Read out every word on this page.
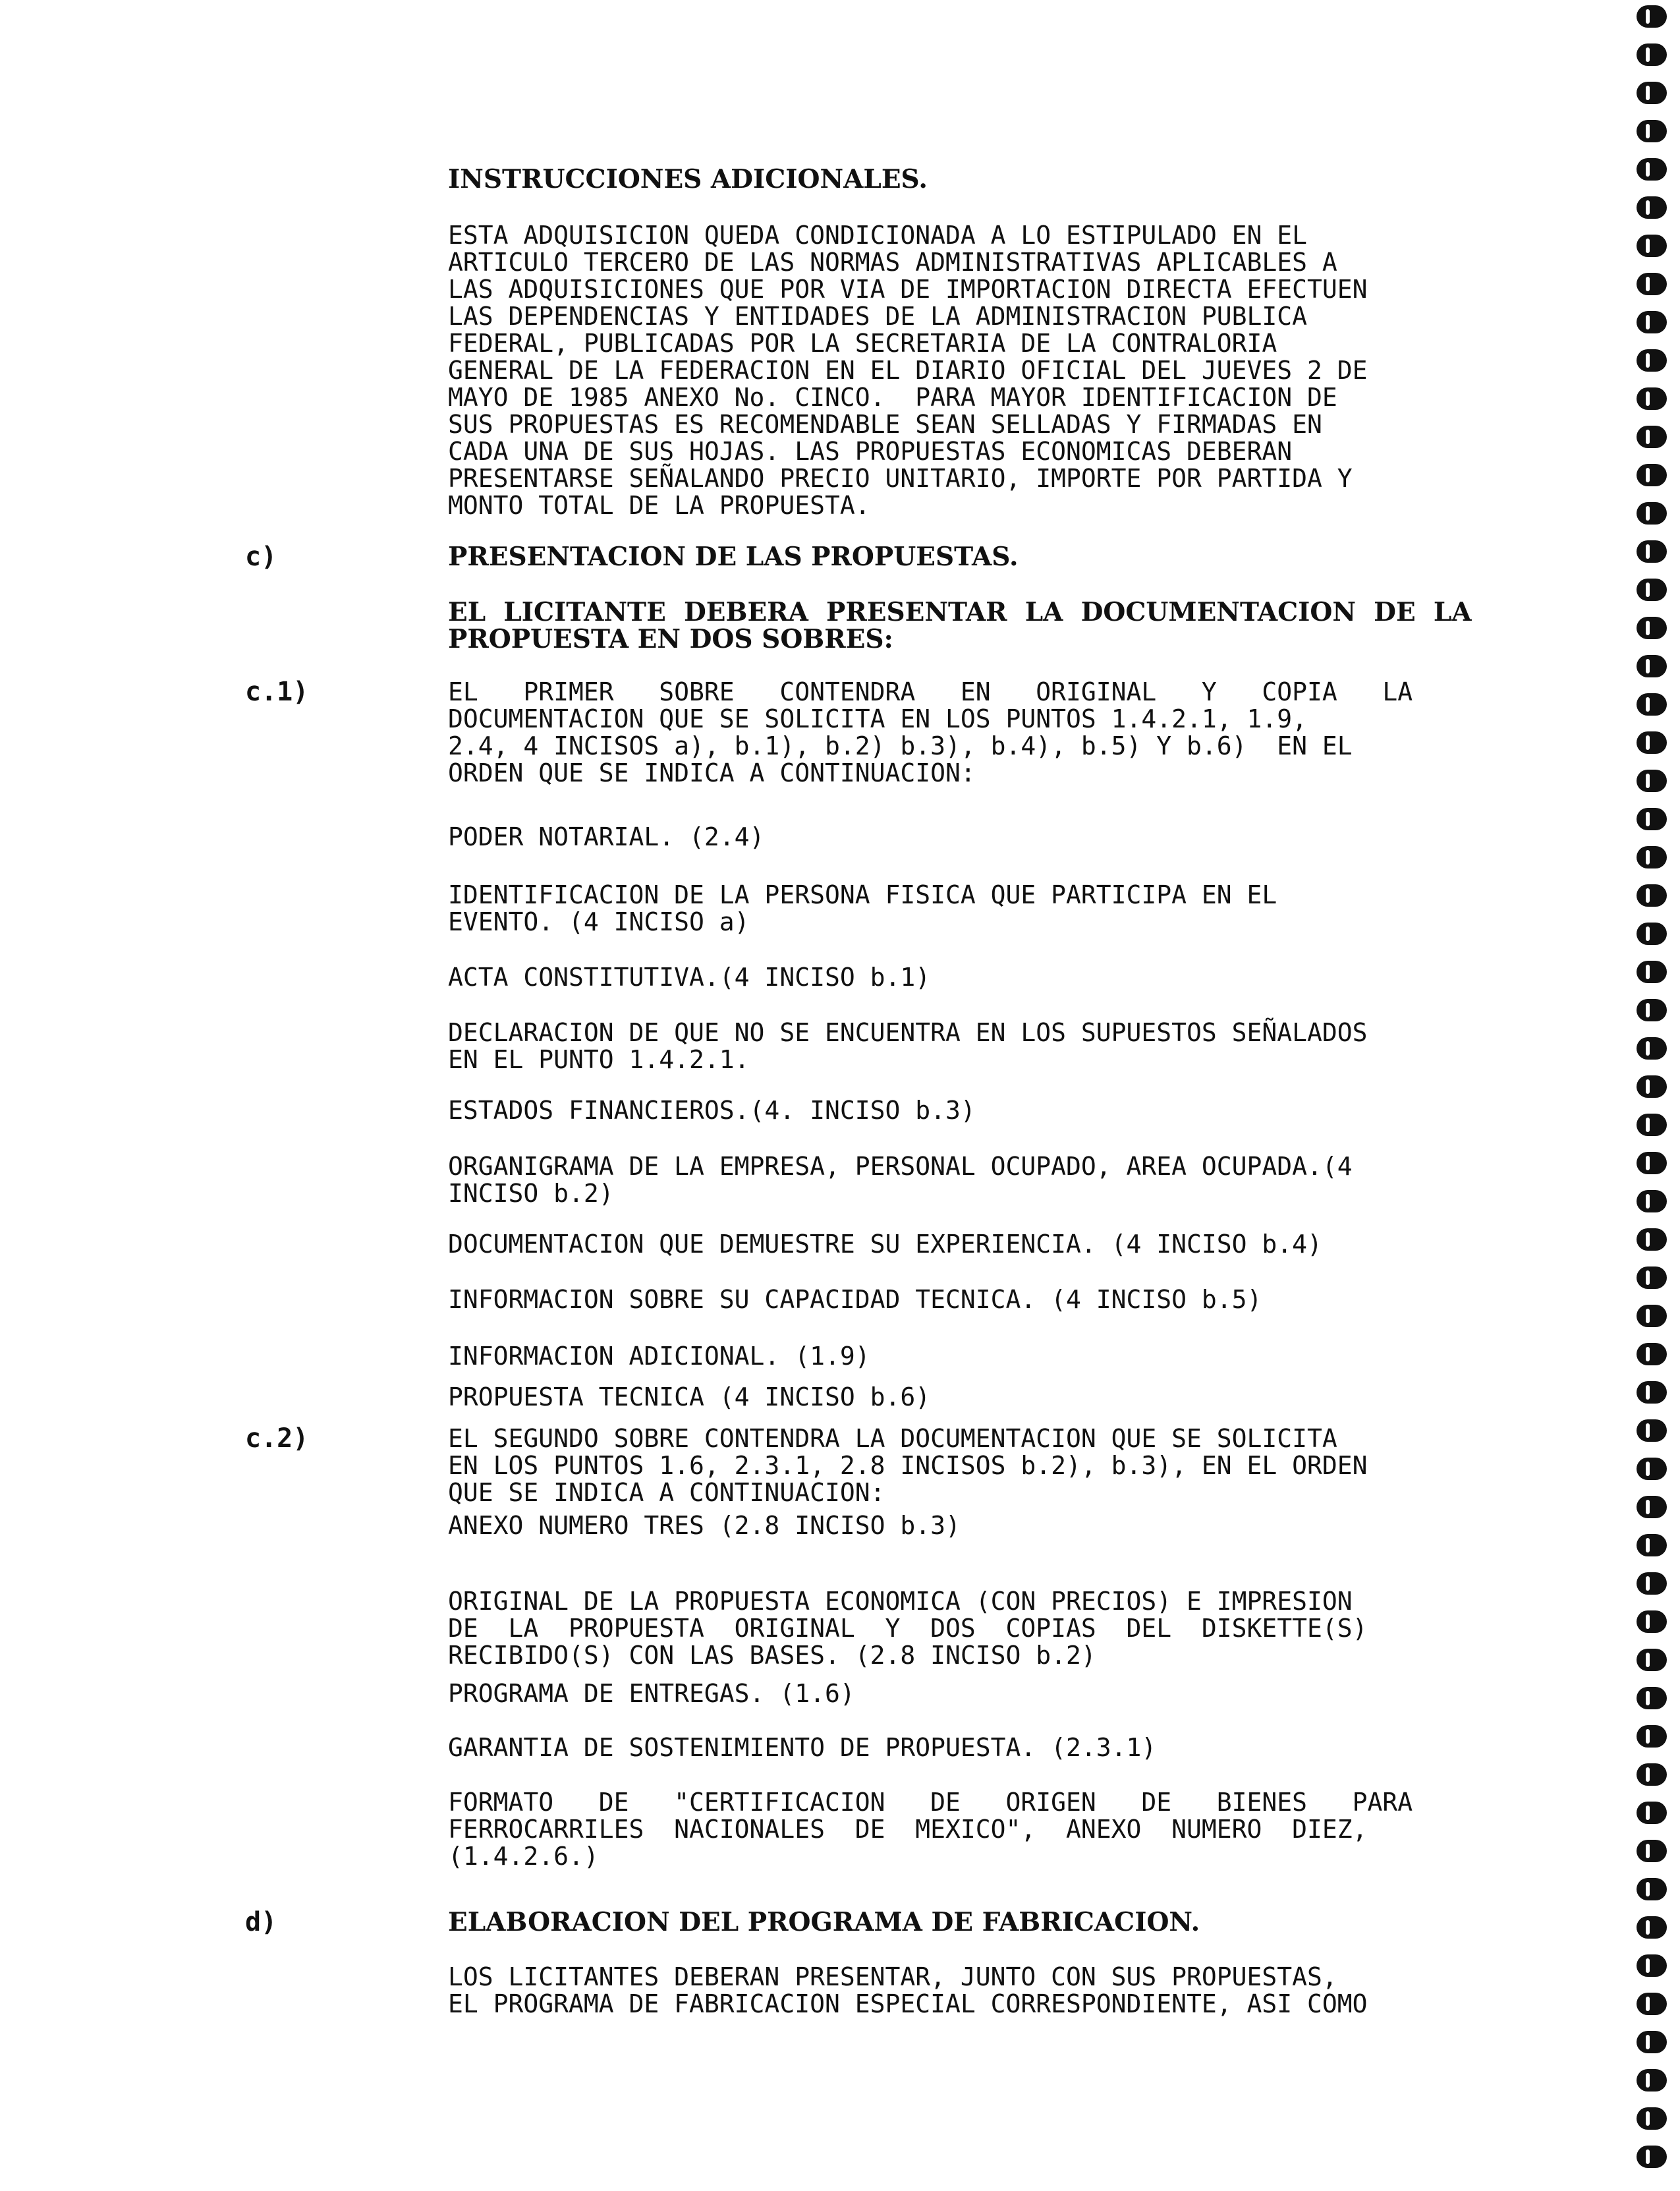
INSTRUCCIONES ADICIONALES.
ESTA ADQUISICION QUEDA CONDICIONADA A LO ESTIPULADO EN EL
ARTICULO TERCERO DE LAS NORMAS ADMINISTRATIVAS APLICABLES A
LAS ADQUISICIONES QUE POR VIA DE IMPORTACION DIRECTA EFECTUEN
LAS DEPENDENCIAS Y ENTIDADES DE LA ADMINISTRACION PUBLICA
FEDERAL, PUBLICADAS POR LA SECRETARIA DE LA CONTRALORIA
GENERAL DE LA FEDERACION EN EL DIARIO OFICIAL DEL JUEVES 2 DE
MAYO DE 1985 ANEXO No. CINCO.  PARA MAYOR IDENTIFICACION DE
SUS PROPUESTAS ES RECOMENDABLE SEAN SELLADAS Y FIRMADAS EN
CADA UNA DE SUS HOJAS. LAS PROPUESTAS ECONOMICAS DEBERAN
PRESENTARSE SEÑALANDO PRECIO UNITARIO, IMPORTE POR PARTIDA Y
MONTO TOTAL DE LA PROPUESTA.
c)	PRESENTACION DE LAS PROPUESTAS.
EL  LICITANTE  DEBERA  PRESENTAR  LA  DOCUMENTACION  DE  LA
PROPUESTA EN DOS SOBRES:
c.1)	EL   PRIMER   SOBRE   CONTENDRA   EN   ORIGINAL   Y   COPIA   LA
DOCUMENTACION QUE SE SOLICITA EN LOS PUNTOS 1.4.2.1, 1.9,
2.4, 4 INCISOS a), b.1), b.2) b.3), b.4), b.5) Y b.6)  EN EL
ORDEN QUE SE INDICA A CONTINUACION:
PODER NOTARIAL. (2.4)
IDENTIFICACION DE LA PERSONA FISICA QUE PARTICIPA EN EL
EVENTO. (4 INCISO a)
ACTA CONSTITUTIVA.(4 INCISO b.1)
DECLARACION DE QUE NO SE ENCUENTRA EN LOS SUPUESTOS SEÑALADOS
EN EL PUNTO 1.4.2.1.
ESTADOS FINANCIEROS.(4. INCISO b.3)
ORGANIGRAMA DE LA EMPRESA, PERSONAL OCUPADO, AREA OCUPADA.(4
INCISO b.2)
DOCUMENTACION QUE DEMUESTRE SU EXPERIENCIA. (4 INCISO b.4)
INFORMACION SOBRE SU CAPACIDAD TECNICA. (4 INCISO b.5)
INFORMACION ADICIONAL. (1.9)
PROPUESTA TECNICA (4 INCISO b.6)
c.2)	EL SEGUNDO SOBRE CONTENDRA LA DOCUMENTACION QUE SE SOLICITA
EN LOS PUNTOS 1.6, 2.3.1, 2.8 INCISOS b.2), b.3), EN EL ORDEN
QUE SE INDICA A CONTINUACION:
ANEXO NUMERO TRES (2.8 INCISO b.3)
ORIGINAL DE LA PROPUESTA ECONOMICA (CON PRECIOS) E IMPRESION
DE  LA  PROPUESTA  ORIGINAL  Y  DOS  COPIAS  DEL  DISKETTE(S)
RECIBIDO(S) CON LAS BASES. (2.8 INCISO b.2)
PROGRAMA DE ENTREGAS. (1.6)
GARANTIA DE SOSTENIMIENTO DE PROPUESTA. (2.3.1)
FORMATO   DE   "CERTIFICACION   DE   ORIGEN   DE   BIENES   PARA
FERROCARRILES  NACIONALES  DE  MEXICO",  ANEXO  NUMERO  DIEZ,
(1.4.2.6.)
d)	ELABORACION DEL PROGRAMA DE FABRICACION.
LOS LICITANTES DEBERAN PRESENTAR, JUNTO CON SUS PROPUESTAS,
EL PROGRAMA DE FABRICACION ESPECIAL CORRESPONDIENTE, ASI COMO
